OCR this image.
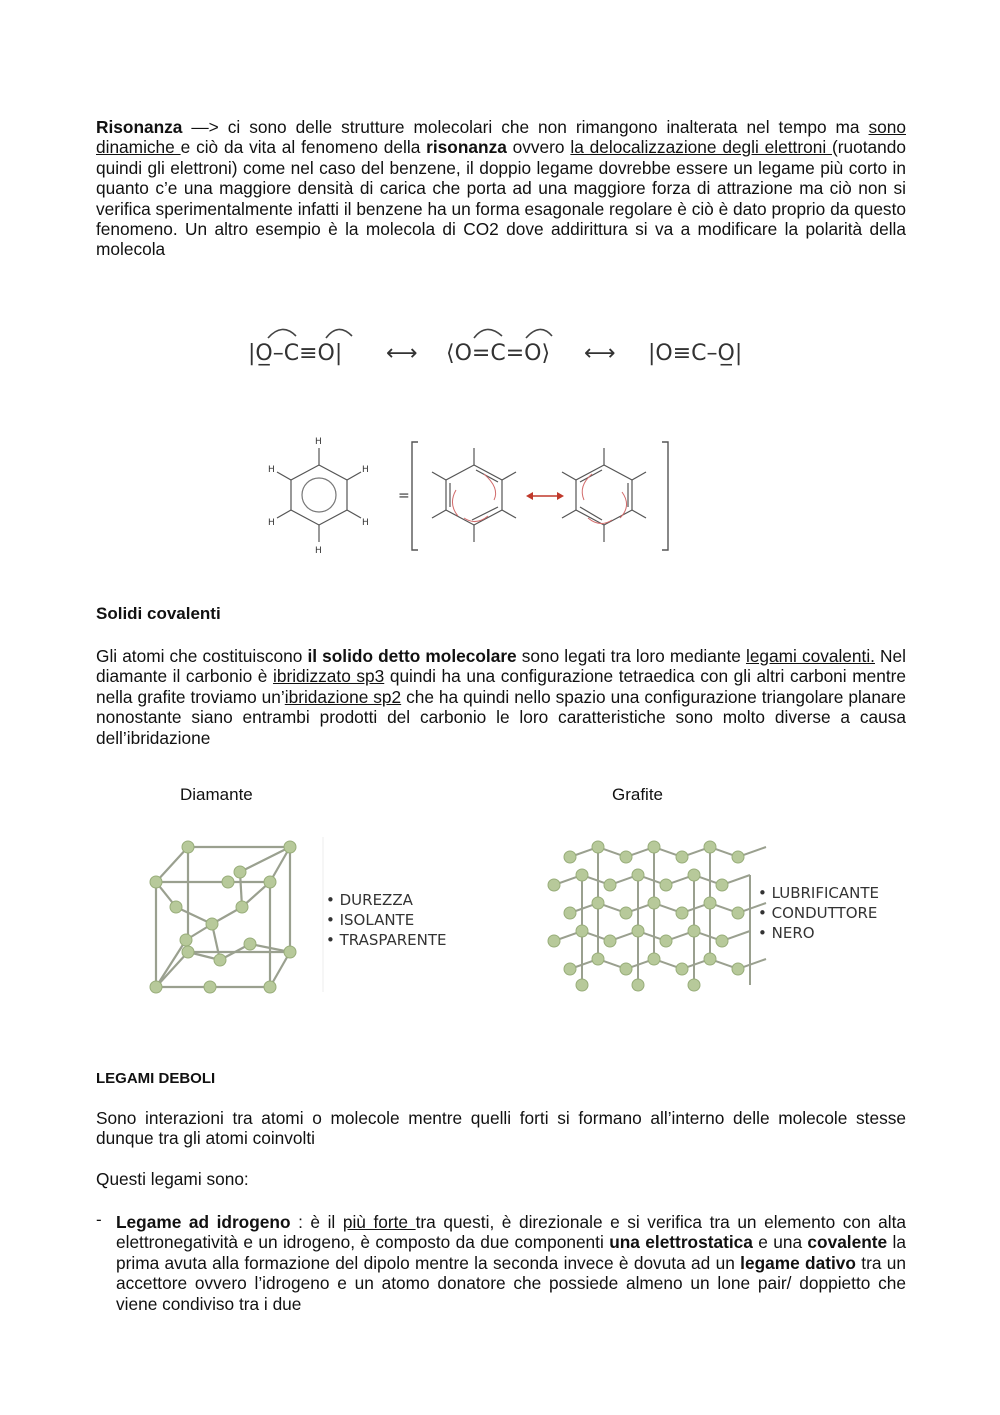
Risonanza —> ci sono delle strutture molecolari che non rimangono inalterata nel tempo ma sono dinamiche e ciò da vita al fenomeno della risonanza ovvero la delocalizzazione degli elettroni (ruotando quindi gli elettroni) come nel caso del benzene, il doppio legame dovrebbe essere un legame più corto in quanto c’e una maggiore densità di carica che porta ad una maggiore forza di attrazione ma ciò non si verifica sperimentalmente infatti il benzene ha un forma esagonale regolare è ciò è dato proprio da questo fenomeno. Un altro esempio è la molecola di CO2 dove addirittura si va a modificare la polarità della molecola
|O̲–C≡O|	⟨O=C=O⟩	|O≡C–O̲|
⟷	⟷
H
H
H
H
H
H
=
Solidi covalenti
Gli atomi che costituiscono il solido detto molecolare sono legati tra loro mediante legami covalenti. Nel diamante il carbonio è ibridizzato sp3 quindi ha una configurazione tetraedica con gli altri carboni mentre nella grafite troviamo un’ibridazione sp2 che ha quindi nello spazio una configurazione triangolare planare nonostante siano entrambi prodotti del carbonio le loro caratteristiche sono molto diverse a causa dell’ibridazione
Diamante	Grafite
• DUREZZA
• ISOLANTE
• TRASPARENTE
• LUBRIFICANTE
• CONDUTTORE
• NERO
LEGAMI DEBOLI
Sono interazioni tra atomi o molecole mentre quelli forti si formano all’interno delle molecole stesse dunque tra gli atomi coinvolti
Questi legami sono:
- Legame ad idrogeno : è il più forte tra questi, è direzionale e si verifica tra un elemento con alta elettronegatività e un idrogeno, è composto da due componenti una elettrostatica e una covalente la prima avuta alla formazione del dipolo mentre la seconda invece è dovuta ad un legame dativo tra un accettore ovvero l’idrogeno e un atomo donatore che possiede almeno un lone pair/ doppietto che viene condiviso tra i due
